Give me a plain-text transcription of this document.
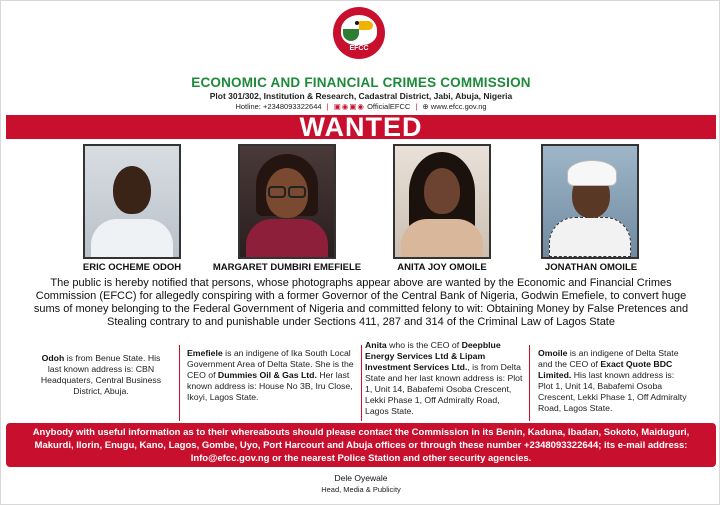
EFCC
ECONOMIC AND FINANCIAL CRIMES COMMISSION
Plot 301/302, Institution & Research, Cadastral District, Jabi, Abuja, Nigeria
Hotline: +2348093322644 | ▣◉▣◉ OfficialEFCC | ⊕ www.efcc.gov.ng
WANTED
ERIC OCHEME ODOH	MARGARET DUMBIRI EMEFIELE	ANITA JOY OMOILE	JONATHAN OMOILE
The public is hereby notified that persons, whose photographs appear above are wanted by the Economic and Financial Crimes Commission (EFCC) for allegedly conspiring with a former Governor of the Central Bank of Nigeria, Godwin Emefiele, to convert huge sums of money belonging to the Federal Government of Nigeria and committed felony to wit: Obtaining Money by False Pretences and Stealing contrary to and punishable under Sections 411, 287 and 314 of the Criminal Law of Lagos State
Odoh is from Benue State. His last known address is: CBN Headquaters, Central Business District, Abuja.
Emefiele is an indigene of Ika South Local Government Area of Delta State. She is the CEO of Dummies Oil & Gas Ltd. Her last known address is: House No 3B, Iru Close, Ikoyi, Lagos State.
Anita who is the CEO of Deepblue Energy Services Ltd & Lipam Investment Services Ltd., is from Delta State and her last known address is: Plot 1, Unit 14, Babafemi Osoba Crescent, Lekki Phase 1, Off Admiralty Road, Lagos State.
Omoile is an indigene of Delta State and the CEO of Exact Quote BDC Limited. His last known address is: Plot 1, Unit 14, Babafemi Osoba Crescent, Lekki Phase 1, Off Admiralty Road, Lagos State.
Anybody with useful information as to their whereabouts should please contact the Commission in its Benin, Kaduna, Ibadan, Sokoto, Maiduguri, Makurdi, Ilorin, Enugu, Kano, Lagos, Gombe, Uyo, Port Harcourt and Abuja offices or through these number +2348093322644; its e-mail address: Info@efcc.gov.ng or the nearest Police Station and other security agencies.
Dele Oyewale
Head, Media & Publicity
